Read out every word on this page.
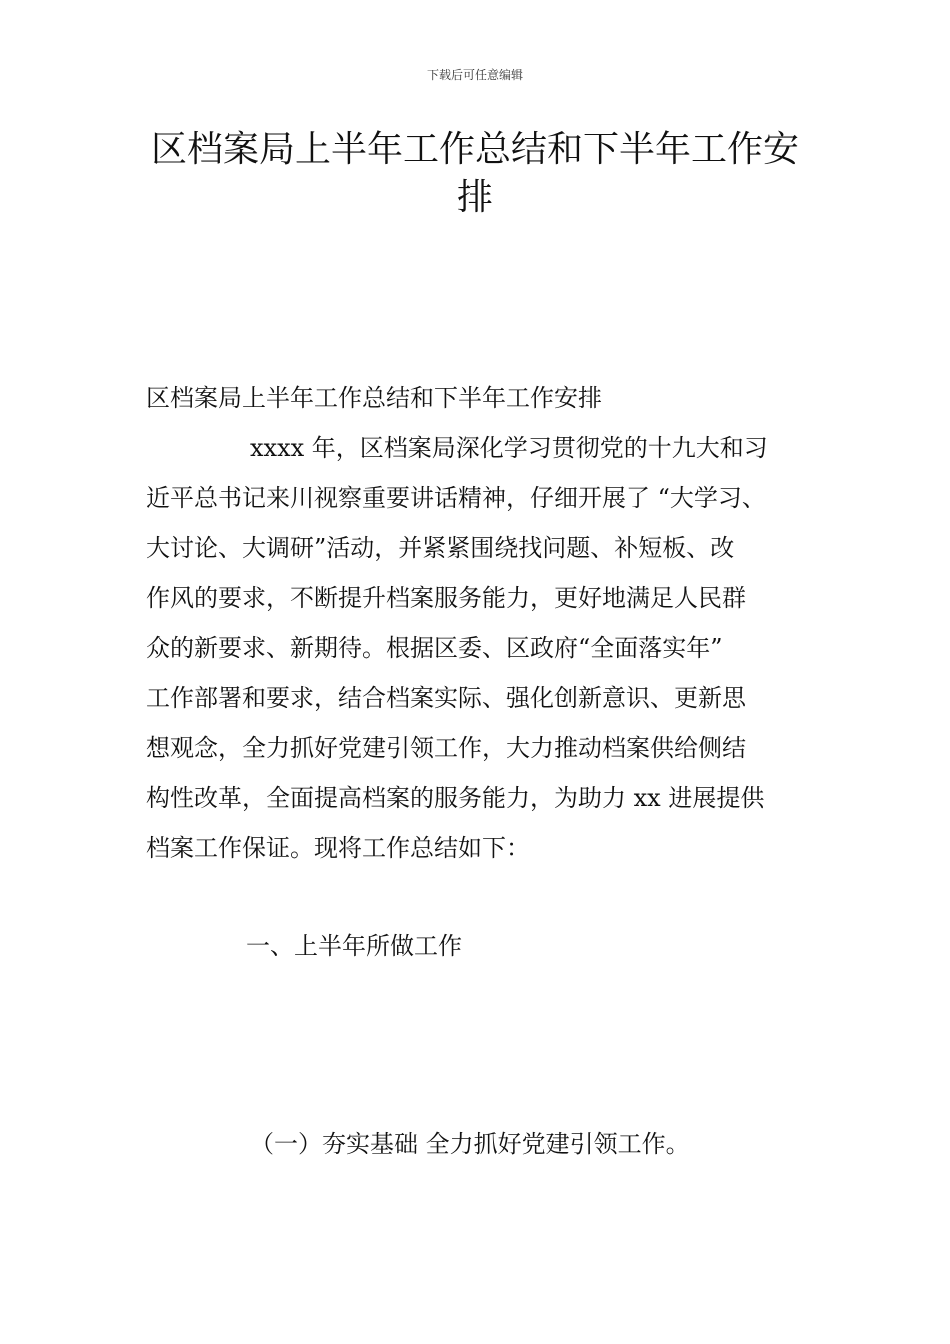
下载后可任意编辑
区档案局上半年工作总结和下半年工作安
排

区档案局上半年工作总结和下半年工作安排

xxxx 年，区档案局深化学习贯彻党的十九大和习
近平总书记来川视察重要讲话精神，仔细开展了 “大学习、
大讨论、大调研”活动，并紧紧围绕找问题、补短板、改
作风的要求，不断提升档案服务能力，更好地满足人民群
众的新要求、新期待。根据区委、区政府“全面落实年”
工作部署和要求，结合档案实际、强化创新意识、更新思
想观念，全力抓好党建引领工作，大力推动档案供给侧结
构性改革，全面提高档案的服务能力，为助力 xx 进展提供
档案工作保证。现将工作总结如下：

一、上半年所做工作

（一）夯实基础 全力抓好党建引领工作。
